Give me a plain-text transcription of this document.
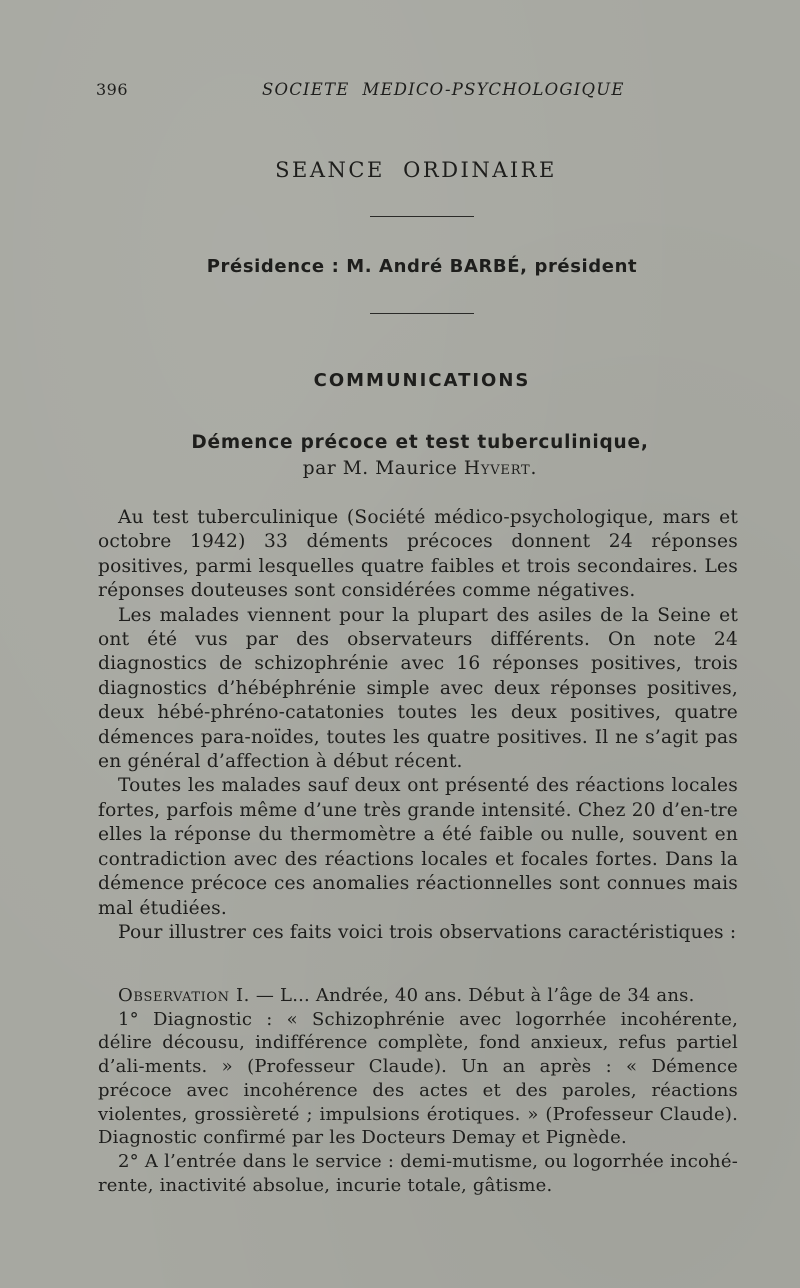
396	SOCIETE  MEDICO-PSYCHOLOGIQUE
SEANCE  ORDINAIRE
Présidence : M. André BARBÉ, président
COMMUNICATIONS
Démence précoce et test tuberculinique,
par M. Maurice Hyvert.

Au test tuberculinique (Société médico-psychologique, mars et octobre 1942) 33 déments précoces donnent 24 réponses positives, parmi lesquelles quatre faibles et trois secondaires. Les réponses douteuses sont considérées comme négatives.

Les malades viennent pour la plupart des asiles de la Seine et ont été vus par des observateurs différents. On note 24 diagnostics de schizophrénie avec 16 réponses positives, trois diagnostics d’hébéphrénie simple avec deux réponses positives, deux hébé-phréno-catatonies toutes les deux positives, quatre démences para-noïdes, toutes les quatre positives. Il ne s’agit pas en général d’affection à début récent.

Toutes les malades sauf deux ont présenté des réactions locales fortes, parfois même d’une très grande intensité. Chez 20 d’en-tre elles la réponse du thermomètre a été faible ou nulle, souvent en contradiction avec des réactions locales et focales fortes. Dans la démence précoce ces anomalies réactionnelles sont connues mais mal étudiées.

Pour illustrer ces faits voici trois observations caractéristiques :

Observation I. — L... Andrée, 40 ans. Début à l’âge de 34 ans.

1° Diagnostic : « Schizophrénie avec logorrhée incohérente, délire décousu, indifférence complète, fond anxieux, refus partiel d’ali-ments. » (Professeur Claude). Un an après : « Démence précoce avec incohérence des actes et des paroles, réactions violentes, grossièreté ; impulsions érotiques. » (Professeur Claude). Diagnostic confirmé par les Docteurs Demay et Pignède.

2° A l’entrée dans le service : demi-mutisme, ou logorrhée incohé-rente, inactivité absolue, incurie totale, gâtisme.
